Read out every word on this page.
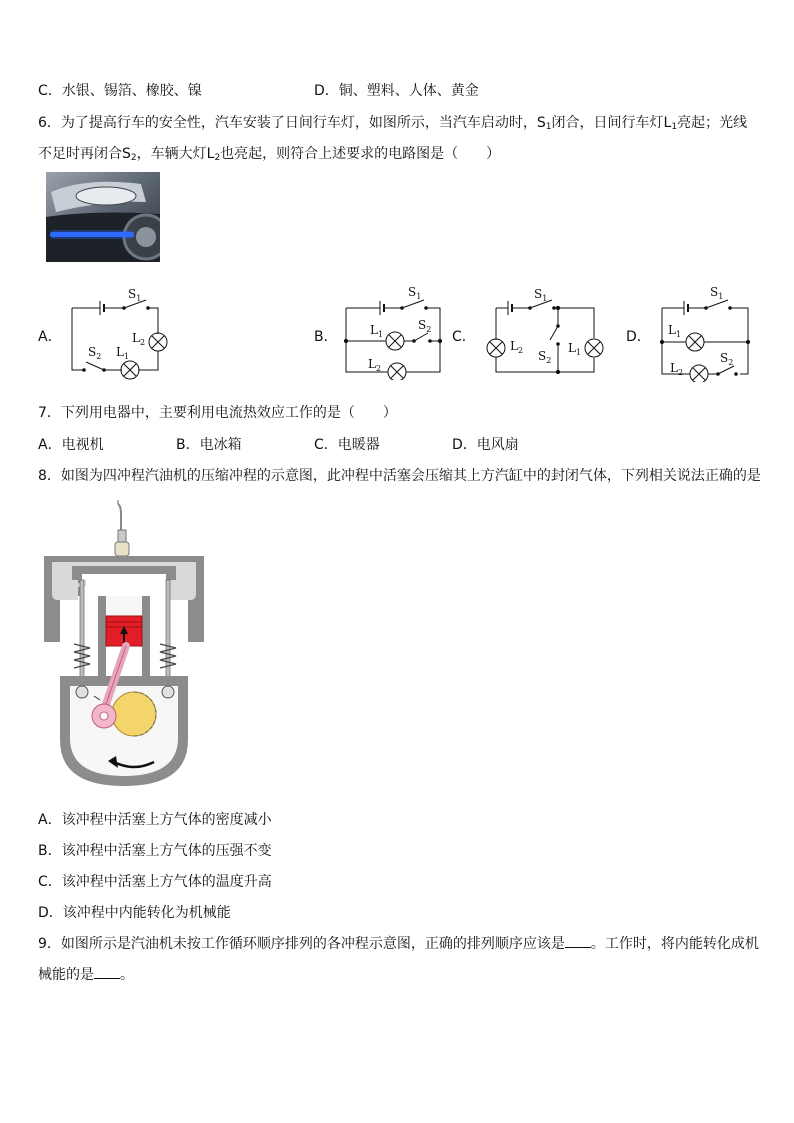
C．水银、锡箔、橡胶、镍	D．铜、塑料、人体、黄金
6．为了提高行车的安全性，汽车安装了日间行车灯，如图所示，当汽车启动时，$S_1$闭合，日间行车灯$L_1$亮起；光线
不足时再闭合$S_2$，车辆大灯$L_2$也亮起，则符合上述要求的电路图是（　　）
A．	B．	C．	D．
$S_1$
$L_2$
$L_1$
$S_2$
$S_1$
$L_1$
$S_2$
$L_2$
$S_1$
$L_2$ $S_2$
$L_1$
$S_1$
$L_1$
$S_2$
$L_2$
7．下列用电器中，主要利用电流热效应工作的是（　　）
A．电视机	B．电冰箱	C．电暖器	D．电风扇
8．如图为四冲程汽油机的压缩冲程的示意图，此冲程中活塞会压缩其上方汽缸中的封闭气体，下列相关说法正确的是
A．该冲程中活塞上方气体的密度减小
B．该冲程中活塞上方气体的压强不变
C．该冲程中活塞上方气体的温度升高
D．该冲程中内能转化为机械能
9．如图所示是汽油机未按工作循环顺序排列的各冲程示意图，正确的排列顺序应该是 。工作时，将内能转化成机
械能的是 。
